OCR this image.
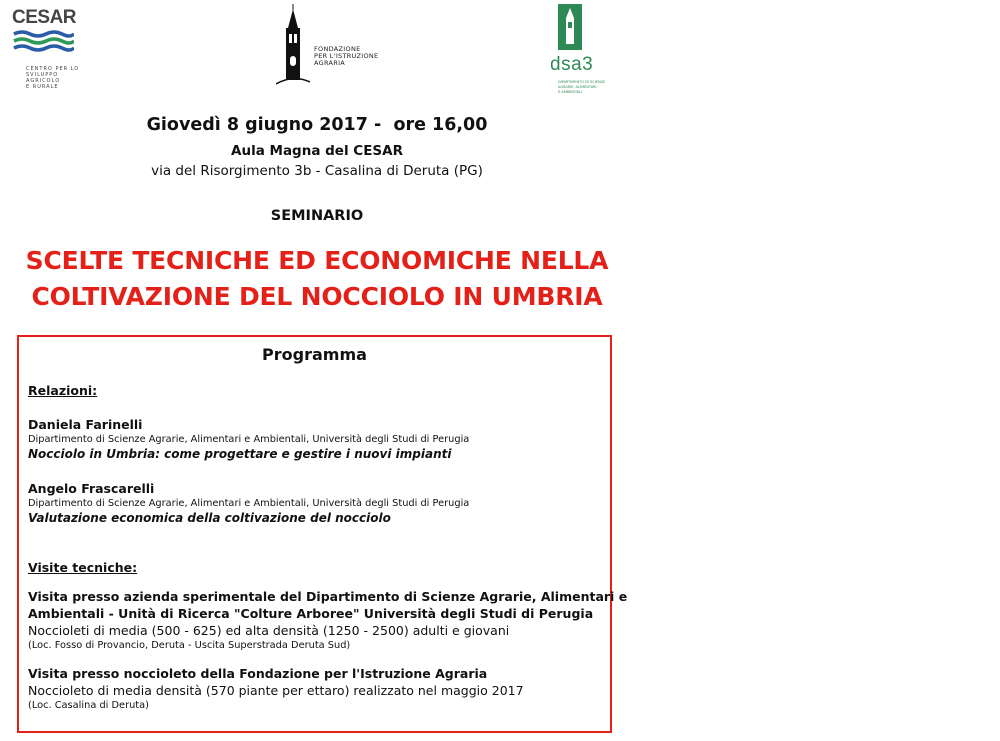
CESAR
CENTRO PER LO
SVILUPPO
AGRICOLO
E RURALE
FONDAZIONE
PER L'ISTRUZIONE
AGRARIA	dsa3
DIPARTIMENTO DI SCIENZE
AGRARIE, ALIMENTARI
E AMBIENTALI
Giovedì 8 giugno 2017 -  ore 16,00
Aula Magna del CESAR
via del Risorgimento 3b - Casalina di Deruta (PG)
SEMINARIO
SCELTE TECNICHE ED ECONOMICHE NELLA
COLTIVAZIONE DEL NOCCIOLO IN UMBRIA
Programma
Relazioni:
Daniela Farinelli
Dipartimento di Scienze Agrarie, Alimentari e Ambientali, Università degli Studi di Perugia
Nocciolo in Umbria: come progettare e gestire i nuovi impianti
Angelo Frascarelli
Dipartimento di Scienze Agrarie, Alimentari e Ambientali, Università degli Studi di Perugia
Valutazione economica della coltivazione del nocciolo
Visite tecniche:
Visita presso azienda sperimentale del Dipartimento di Scienze Agrarie, Alimentari e
Ambientali - Unità di Ricerca "Colture Arboree" Università degli Studi di Perugia
Noccioleti di media (500 - 625) ed alta densità (1250 - 2500) adulti e giovani
(Loc. Fosso di Provancio, Deruta - Uscita Superstrada Deruta Sud)
Visita presso noccioleto della Fondazione per l'Istruzione Agraria
Noccioleto di media densità (570 piante per ettaro) realizzato nel maggio 2017
(Loc. Casalina di Deruta)
